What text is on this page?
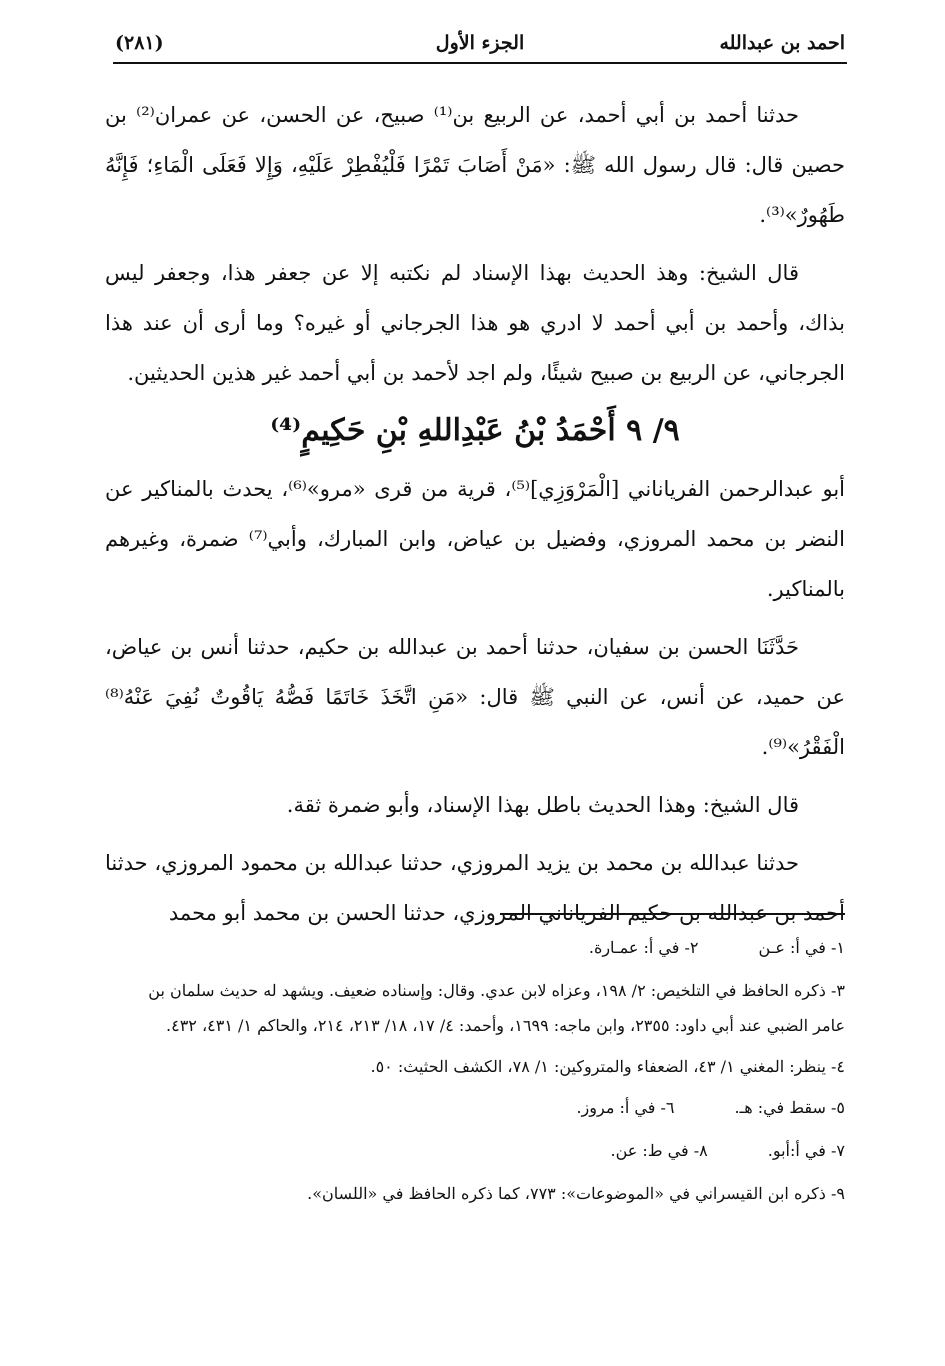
احمد بن عبدالله
الجزء الأول
(٢٨١)

حدثنا أحمد بن أبي أحمد، عن الربيع بن⁽¹⁾ صبيح، عن الحسن، عن عمران⁽²⁾ بن حصين قال: قال رسول الله ﷺ: «مَنْ أَصَابَ تَمْرًا فَلْيُفْطِرْ عَلَيْهِ، وَإِلا فَعَلَى الْمَاءِ؛ فَإِنَّهُ طَهُورٌ»⁽³⁾.

قال الشيخ: وهذ الحديث بهذا الإسناد لم نكتبه إلا عن جعفر هذا، وجعفر ليس بذاك، وأحمد بن أبي أحمد لا ادري هو هذا الجرجاني أو غيره؟ وما أرى أن عند هذا الجرجاني، عن الربيع بن صبيح شيئًا، ولم اجد لأحمد بن أبي أحمد غير هذين الحديثين.

٩/ ٩ أَحْمَدُ بْنُ عَبْدِاللهِ بْنِ حَكِيمٍ⁽⁴⁾

أبو عبدالرحمن الفرياناني [الْمَرْوَزِي]⁽⁵⁾، قرية من قرى «مرو»⁽⁶⁾، يحدث بالمناكير عن النضر بن محمد المروزي، وفضيل بن عياض، وابن المبارك، وأبي⁽⁷⁾ ضمرة، وغيرهم بالمناكير.

حَدَّثَنَا الحسن بن سفيان، حدثنا أحمد بن عبدالله بن حكيم، حدثنا أنس بن عياض، عن حميد، عن أنس، عن النبي ﷺ قال: «مَنِ اتَّخَذَ خَاتَمًا فَصُّهُ يَاقُوتٌ نُفِيَ عَنْهُ⁽⁸⁾ الْفَقْرُ»⁽⁹⁾.

قال الشيخ: وهذا الحديث باطل بهذا الإسناد، وأبو ضمرة ثقة.

حدثنا عبدالله بن محمد بن يزيد المروزي، حدثنا عبدالله بن محمود المروزي، حدثنا أحمد بن عبدالله بن حكيم الفرياناني المروزي، حدثنا الحسن بن محمد أبو محمد

١- في أ: عـن
٢- في أ: عمـارة.
٣- ذكره الحافظ في التلخيص: ٢/ ١٩٨، وعزاه لابن عدي. وقال: وإسناده ضعيف. ويشهد له حديث سلمان بن عامر الضبي عند أبي داود: ٢٣٥٥، وابن ماجه: ١٦٩٩، وأحمد: ٤/ ١٧، ١٨/ ٢١٣، ٢١٤، والحاكم ١/ ٤٣١، ٤٣٢.
٤- ينظر: المغني ١/ ٤٣، الضعفاء والمتروكين: ١/ ٧٨، الكشف الحثيث: ٥٠.
٥- سقط في: هـ.
٦- في أ: مروز.
٧- في أ:أبو.
٨- في ط: عن.
٩- ذكره ابن القيسراني في «الموضوعات»: ٧٧٣، كما ذكره الحافظ في «اللسان».
